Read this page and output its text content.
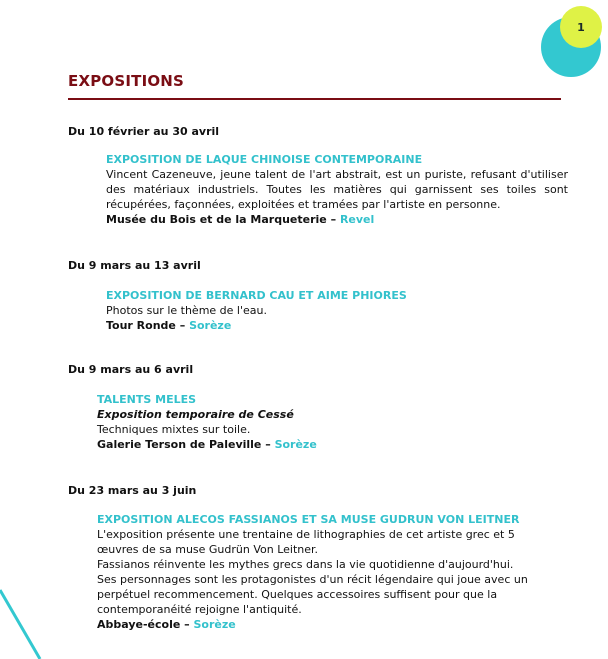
1
EXPOSITIONS
Du 10 février au 30 avril
EXPOSITION DE LAQUE CHINOISE CONTEMPORAINE
Vincent Cazeneuve, jeune talent de l'art abstrait, est un puriste, refusant d'utiliser des matériaux industriels. Toutes les matières qui garnissent ses toiles sont récupérées, façonnées, exploitées et tramées par l'artiste en personne.
Musée du Bois et de la Marqueterie – Revel
Du 9 mars au 13 avril
EXPOSITION DE BERNARD CAU ET AIME PHIORES
Photos sur le thème de l'eau.
Tour Ronde – Sorèze
Du 9 mars au 6 avril
TALENTS MELES
Exposition temporaire de Cessé
Techniques mixtes sur toile.
Galerie Terson de Paleville – Sorèze
Du 23 mars au 3 juin
EXPOSITION ALECOS FASSIANOS ET SA MUSE GUDRUN VON LEITNER
L'exposition présente une trentaine de lithographies de cet artiste grec et 5 œuvres de sa muse Gudrün Von Leitner.
Fassianos réinvente les mythes grecs dans la vie quotidienne d'aujourd'hui.
Ses personnages sont les protagonistes d'un récit légendaire qui joue avec un perpétuel recommencement. Quelques accessoires suffisent pour que la contemporanéité rejoigne l'antiquité.
Abbaye-école – Sorèze
